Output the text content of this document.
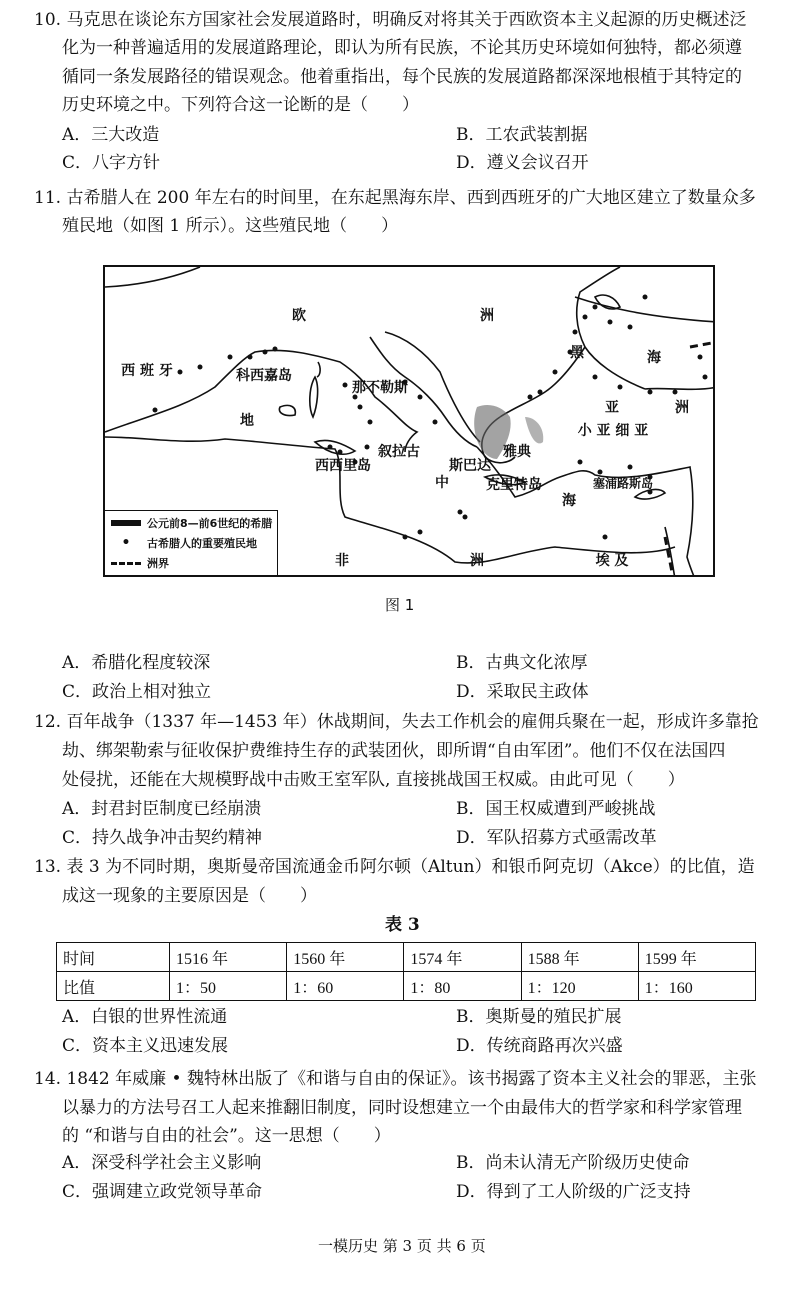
10. 马克思在谈论东方国家社会发展道路时，明确反对将其关于西欧资本主义起源的历史概述泛
化为一种普遍适用的发展道路理论，即认为所有民族，不论其历史环境如何独特，都必须遵
循同一条发展路径的错误观念。他着重指出，每个民族的发展道路都深深地根植于其特定的
历史环境之中。下列符合这一论断的是（　　）
A．三大改造	B．工农武装割据
C．八字方针	D．遵义会议召开
11. 古希腊人在 200 年左右的时间里，在东起黑海东岸、西到西班牙的广大地区建立了数量众多
殖民地（如图 1 所示）。这些殖民地（　　）
欧	洲
西 班 牙	科西嘉岛
那不勒斯
地
黑	海
亚	洲
小 亚 细 亚
叙拉古
西西里岛	斯巴达
雅典
中	克里特岛	塞浦路斯岛
海
非	洲	埃 及
公元前8—前6世纪的希腊
•	古希腊人的重要殖民地
洲界
图 1
A．希腊化程度较深	B．古典文化浓厚
C．政治上相对独立	D．采取民主政体
12. 百年战争（1337 年—1453 年）休战期间，失去工作机会的雇佣兵聚在一起，形成许多靠抢
劫、绑架勒索与征收保护费维持生存的武装团伙，即所谓“自由军团”。他们不仅在法国四
处侵扰，还能在大规模野战中击败王室军队, 直接挑战国王权威。由此可见（　　）
A．封君封臣制度已经崩溃	B．国王权威遭到严峻挑战
C．持久战争冲击契约精神	D．军队招募方式亟需改革
13. 表 3 为不同时期，奥斯曼帝国流通金币阿尔顿（Altun）和银币阿克切（Akce）的比值，造
成这一现象的主要原因是（　　）
表 3
时间	1516 年	1560 年	1574 年	1588 年	1599 年
比值	1：50	1：60	1：80	1：120	1：160
A．白银的世界性流通	B．奥斯曼的殖民扩展
C．资本主义迅速发展	D．传统商路再次兴盛
14. 1842 年威廉 • 魏特林出版了《和谐与自由的保证》。该书揭露了资本主义社会的罪恶，主张
以暴力的方法号召工人起来推翻旧制度，同时设想建立一个由最伟大的哲学家和科学家管理
的 “和谐与自由的社会”。这一思想（　　）
A．深受科学社会主义影响	B．尚未认清无产阶级历史使命
C．强调建立政党领导革命	D．得到了工人阶级的广泛支持
一模历史 第 3 页 共 6 页
